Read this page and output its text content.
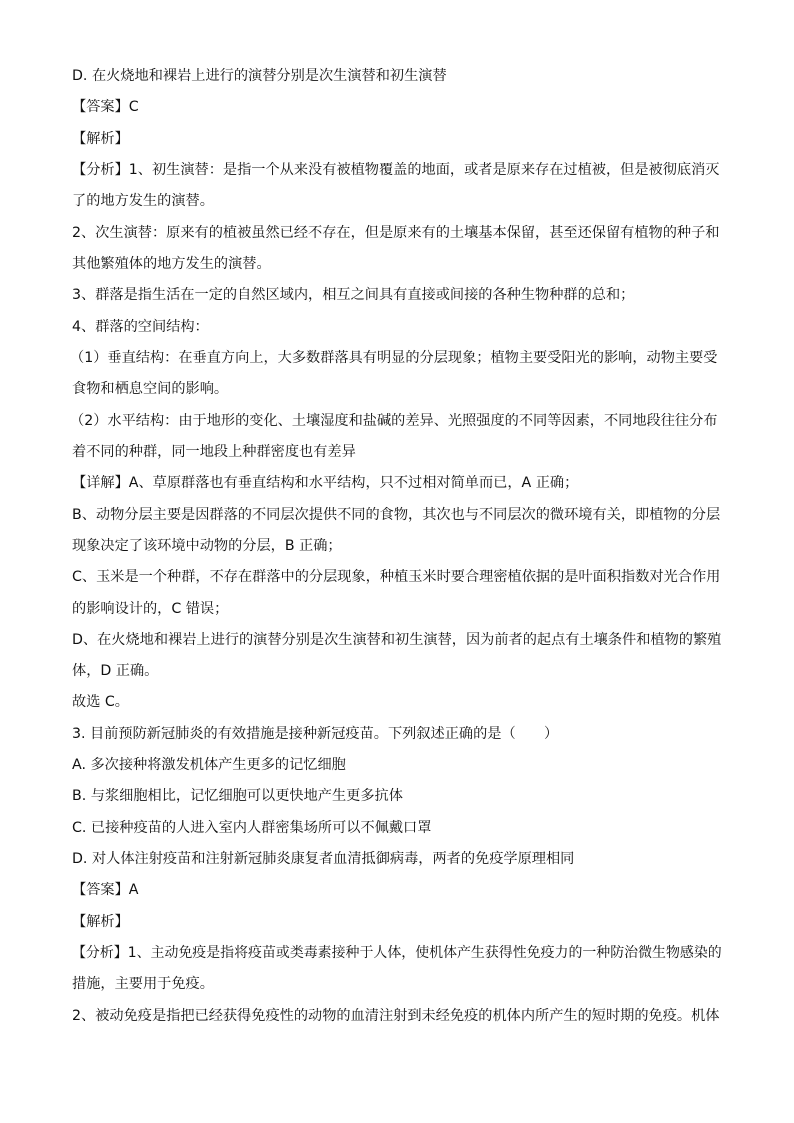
D. 在火烧地和裸岩上进行的演替分别是次生演替和初生演替
【答案】C
【解析】
【分析】1、初生演替：是指一个从来没有被植物覆盖的地面，或者是原来存在过植被，但是被彻底消灭
了的地方发生的演替。
2、次生演替：原来有的植被虽然已经不存在，但是原来有的土壤基本保留，甚至还保留有植物的种子和
其他繁殖体的地方发生的演替。
3、群落是指生活在一定的自然区域内，相互之间具有直接或间接的各种生物种群的总和；
4、群落的空间结构：
（1）垂直结构：在垂直方向上，大多数群落具有明显的分层现象；植物主要受阳光的影响，动物主要受
食物和栖息空间的影响。
（2）水平结构：由于地形的变化、土壤湿度和盐碱的差异、光照强度的不同等因素，不同地段往往分布
着不同的种群，同一地段上种群密度也有差异
【详解】A、草原群落也有垂直结构和水平结构，只不过相对简单而已，A 正确；
B、动物分层主要是因群落的不同层次提供不同的食物，其次也与不同层次的微环境有关，即植物的分层
现象决定了该环境中动物的分层，B 正确；
C、玉米是一个种群，不存在群落中的分层现象，种植玉米时要合理密植依据的是叶面积指数对光合作用
的影响设计的，C 错误；
D、在火烧地和裸岩上进行的演替分别是次生演替和初生演替，因为前者的起点有土壤条件和植物的繁殖
体，D 正确。
故选 C。
3. 目前预防新冠肺炎的有效措施是接种新冠疫苗。下列叙述正确的是（　　）
A. 多次接种将激发机体产生更多的记忆细胞
B. 与浆细胞相比，记忆细胞可以更快地产生更多抗体
C. 已接种疫苗的人进入室内人群密集场所可以不佩戴口罩
D. 对人体注射疫苗和注射新冠肺炎康复者血清抵御病毒，两者的免疫学原理相同
【答案】A
【解析】
【分析】1、主动免疫是指将疫苗或类毒素接种于人体，使机体产生获得性免疫力的一种防治微生物感染的
措施，主要用于免疫。
2、被动免疫是指把已经获得免疫性的动物的血清注射到未经免疫的机体内所产生的短时期的免疫。机体
